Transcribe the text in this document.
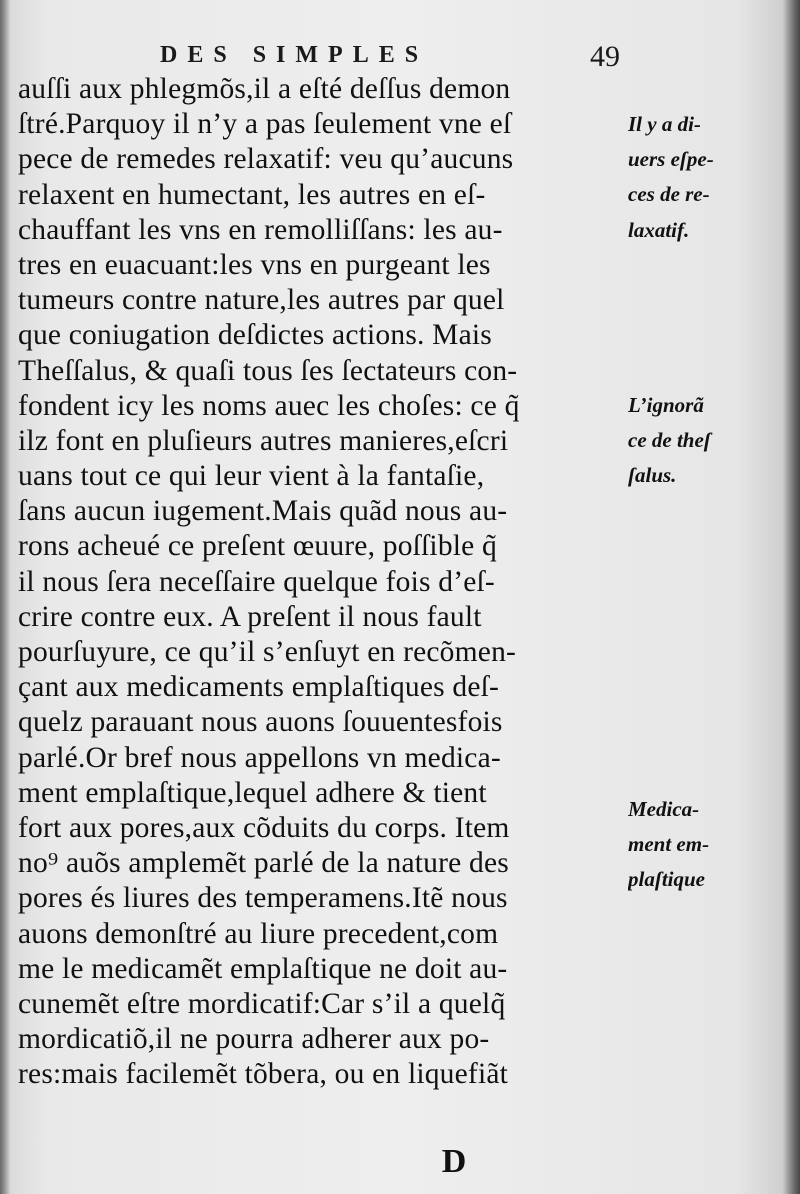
DES SIMPLES	49
auſſi aux phlegmõs,il a eſté deſſus demon
ſtré.Parquoy il n’y a pas ſeulement vne eſ
pece de remedes relaxatif: veu qu’aucuns
relaxent en humectant, les autres en eſ-
chauffant les vns en remolliſſans: les au-
tres en euacuant:les vns en purgeant les
tumeurs contre nature,les autres par quel
que coniugation deſdictes actions. Mais
Theſſalus, & quaſi tous ſes ſectateurs con-
fondent icy les noms auec les choſes: ce q̃
ilz font en pluſieurs autres manieres,eſcri
uans tout ce qui leur vient à la fantaſie,
ſans aucun iugement.Mais quãd nous au-
rons acheué ce preſent œuure, poſſible q̃
il nous ſera neceſſaire quelque fois d’eſ-
crire contre eux. A preſent il nous fault
pourſuyure, ce qu’il s’enſuyt en recõmen-
çant aux medicaments emplaſtiques deſ-
quelz parauant nous auons ſouuentesfois
parlé.Or bref nous appellons vn medica-
ment emplaſtique,lequel adhere & tient
fort aux pores,aux cõduits du corps. Item
no⁹ auõs amplemẽt parlé de la nature des
pores és liures des temperamens.Itẽ nous
auons demonſtré au liure precedent,com
me le medicamẽt emplaſtique ne doit au-
cunemẽt eſtre mordicatif:Car s’il a quelq̃
mordicatiõ,il ne pourra adherer aux po-
res:mais facilemẽt tõbera, ou en liquefiãt
Il y a di-
uers eſpe-
ces de re-
laxatif.
L’ignorã
ce de theſ
ſalus.
Medica-
ment em-
plaſtique
D
